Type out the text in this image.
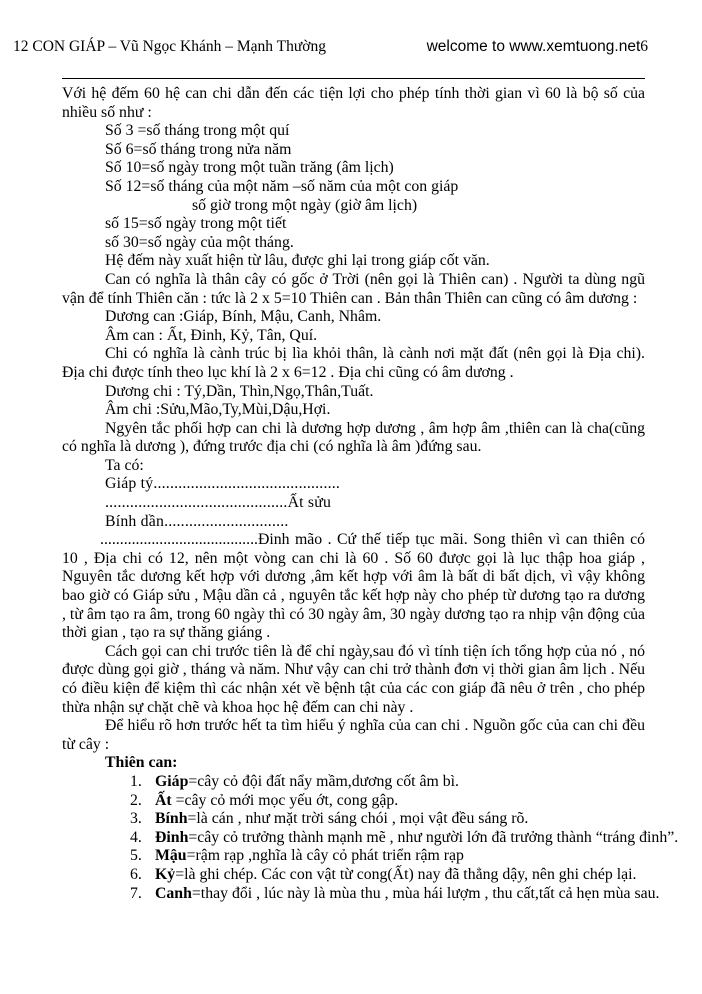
12 CON GIÁP – Vũ Ngọc Khánh – Mạnh Thường	welcome to www.xemtuong.net 6
Với hệ đếm 60 hệ can chi dẫn đến các tiện lợi cho phép tính thời gian vì 60 là bộ số của nhiều số như :
Số 3 =số tháng trong một quí
Số 6=số tháng trong nửa năm
Số 10=số ngày trong một tuần trăng (âm lịch)
Số 12=số tháng của một năm –số năm của một con giáp
số giờ trong một ngày (giờ âm lịch)
số 15=số ngày trong một tiết
số 30=số ngày của một tháng.
Hệ đếm này xuất hiện từ lâu, được ghi lại trong giáp cốt văn.
Can có nghĩa là thân cây có gốc ở Trời (nên gọi là Thiên can) . Người ta dùng ngũ vận để tính Thiên căn : tức là 2 x 5=10 Thiên can . Bản thân Thiên can cũng có âm dương :
Dương can :Giáp, Bính, Mậu, Canh, Nhâm.
Âm can : Ất, Đinh, Kỷ, Tân, Quí.
Chi có nghĩa là cành trúc bị lìa khỏi thân, là cành nơi mặt đất (nên gọi là Địa chi). Địa chi được tính theo lục khí là 2 x 6=12 . Địa chi cũng có âm dương .
Dương chi : Tý,Dần, Thìn,Ngọ,Thân,Tuất.
Âm chi :Sửu,Mão,Ty,Mùi,Dậu,Hợi.
Ngyên tắc phối hợp can chi là dương hợp dương , âm hợp âm ,thiên can là cha(cũng có nghĩa là dương ), đứng trước địa chi (có nghĩa là âm )đứng sau.
Ta có:
Giáp tý.............................................
............................................Ất sửu
Bính dần..............................
........................................Đinh mão . Cứ thế tiếp tục mãi. Song thiên vì can thiên có 10 , Địa chi có 12, nên một vòng can chi là 60 . Số 60 được gọi là lục thập hoa giáp , Nguyên tắc dương kết hợp với dương ,âm kết hợp với âm là bất di bất dịch, vì vậy không bao giờ có Giáp sửu , Mậu dần cả , nguyên tắc kết hợp này cho phép từ dương tạo ra dương , từ âm tạo ra âm, trong 60 ngày thì có 30 ngày âm, 30 ngày dương tạo ra nhịp vận động của thời gian , tạo ra sự thăng giáng .
Cách gọi can chi trước tiên là để chỉ ngày,sau đó vì tính tiện ích tổng hợp của nó , nó được dùng gọi giờ , tháng và năm. Như vậy can chi trở thành đơn vị thời gian âm lịch . Nếu có điều kiện để kiệm thì các nhận xét về bệnh tật của các con giáp đã nêu ở trên , cho phép thừa nhận sự chặt chẽ và khoa học hệ đếm can chi này .
Để hiểu rõ hơn trước hết ta tìm hiểu ý nghĩa của can chi . Nguồn gốc của can chi đều từ cây :
Thiên can:
1. Giáp=cây cỏ đội đất nẩy mầm,dương cốt âm bì.
2. Ất =cây cỏ mới mọc yếu ớt, cong gập.
3. Bính=là cán , như mặt trời sáng chói , mọi vật đều sáng rõ.
4. Đinh=cây cỏ trưởng thành mạnh mẽ , như người lớn đã trưởng thành “tráng đinh”.
5. Mậu=rậm rạp ,nghĩa là cây cỏ phát triển rậm rạp
6. Kỷ=là ghi chép. Các con vật từ cong(Ất) nay đã thẳng dậy, nên ghi chép lại.
7. Canh=thay đổi , lúc này là mùa thu , mùa hái lượm , thu cất,tất cả hẹn mùa sau.
